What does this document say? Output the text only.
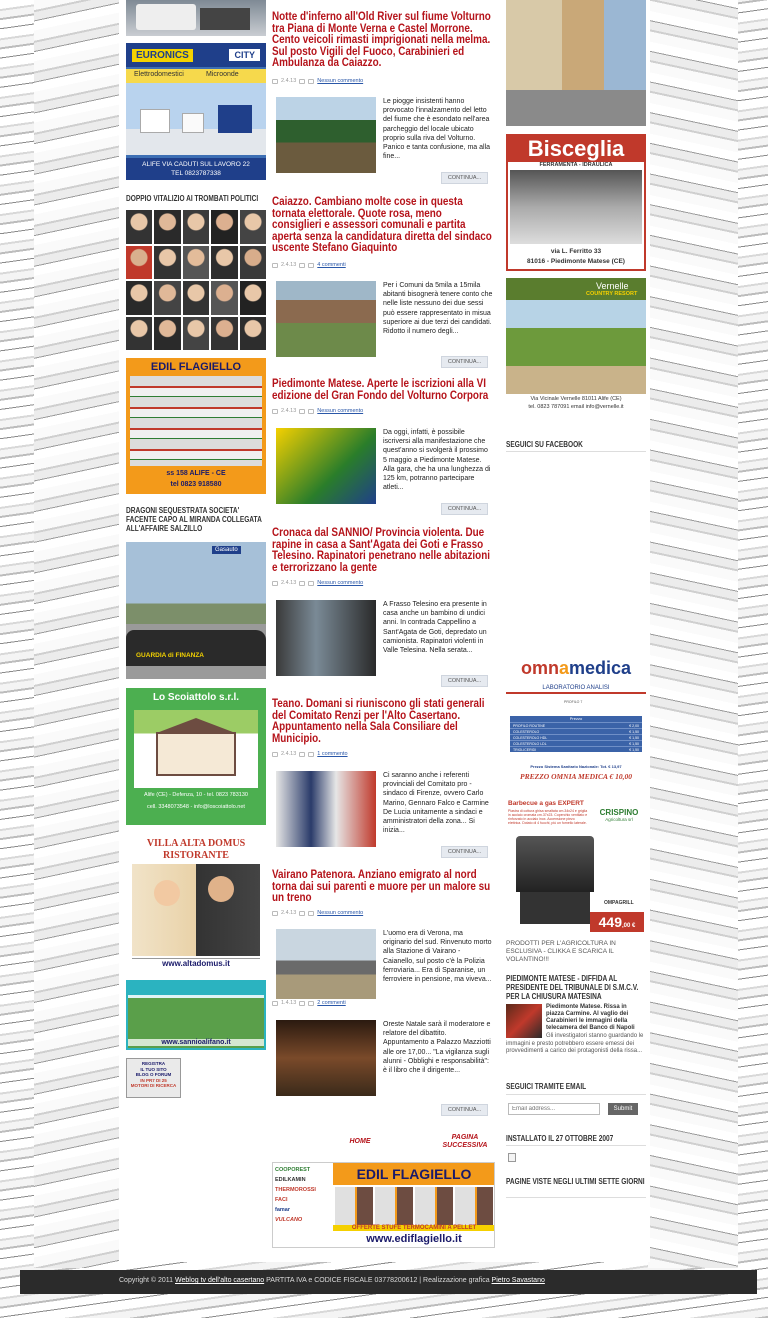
EURONICS	CITY
Elettrodomestici	Microonde
ALIFE VIA CADUTI SUL LAVORO 22
TEL 0823787338
DOPPIO VITALIZIO AI TROMBATI POLITICI
EDIL FLAGIELLO
ss 158 ALIFE - CE
tel 0823 918580
DRAGONI SEQUESTRATA SOCIETA' FACENTE CAPO AL MIRANDA COLLEGATA ALL'AFFAIRE SALZILLO
Gasauto
GUARDIA di FINANZA
Lo Scoiattolo s.r.l.
Alife (CE) - Defenza, 10 - tel. 0823 783130
cell. 3348073548 - info@loscoiattolo.net
VILLA ALTA DOMUS
RISTORANTE
www.altadomus.it
www.sannioalifano.it
REGISTRA
IL TUO SITO
BLOG O FORUM
IN PR7 DI 25
MOTORI DI RICERCA
Notte d'inferno all'Old River sul fiume Volturno tra Piana di Monte Verna e Castel Morrone. Cento veicoli rimasti imprigionati nella melma. Sul posto Vigili del Fuoco, Carabinieri ed Ambulanza da Caiazzo.
2.4.13	Nessun commento
Le piogge insistenti hanno provocato l'innalzamento del letto del fiume che è esondato nell'area parcheggio del locale ubicato proprio sulla riva del Volturno. Panico e tanta confusione, ma alla fine...
CONTINUA...
Caiazzo. Cambiano molte cose in questa tornata elettorale. Quote rosa, meno consiglieri e assessori comunali e partita aperta senza la candidatura diretta del sindaco uscente Stefano Giaquinto
2.4.13	4 commenti
Per i Comuni da 5mila a 15mila abitanti bisognerà tenere conto che nelle liste nessuno dei due sessi può essere rappresentato in misua superiore ai due terzi dei candidati. Ridotto il numero degli...
CONTINUA...
Piedimonte Matese. Aperte le iscrizioni alla VI edizione del Gran Fondo del Volturno Corpora
2.4.13	Nessun commento
Da oggi, infatti, è possibile iscriversi alla manifestazione che quest'anno si svolgerà il prossimo 5 maggio a Piedimonte Matese. Alla gara, che ha una lunghezza di 125 km, potranno partecipare atleti...
CONTINUA...
Cronaca dal SANNIO/ Provincia violenta. Due rapine in casa a Sant'Agata dei Goti e Frasso Telesino. Rapinatori penetrano nelle abitazioni e terrorizzano la gente
2.4.13	Nessun commento
A Frasso Telesino era presente in casa anche un bambino di undici anni. In contrada Cappellino a Sant'Agata de Goti, depredato un camionista. Rapinatori violenti in Valle Telesina. Nella serata...
CONTINUA...
Teano. Domani si riuniscono gli stati generali del Comitato Renzi per l'Alto Casertano. Appuntamento nella Sala Consiliare del Municipio.
2.4.13	1 commento
Ci saranno anche i referenti provinciali del Comitato pro -sindaco di Firenze, ovvero Carlo Marino, Gennaro Falco e Carmine De Lucia unitamente a sindaci e amministratori della zona... Si inizia...
CONTINUA...
Vairano Patenora. Anziano emigrato al nord torna dai sui parenti e muore per un malore su un treno
2.4.13	Nessun commento
L'uomo era di Verona, ma originario del sud. Rinvenuto morto alla Stazione di Vairano - Caianello, sul posto c'è la Polizia ferroviaria... Era di Sparanise, un ferroviere in pensione, ma viveva...
1.4.13	2 commenti
Oreste Natale sarà il moderatore e relatore del dibattito. Appuntamento a Palazzo Mazziotti alle ore 17,00... "La vigilanza sugli alunni - Obblighi e responsabilità": è il libro che il dirigente...
CONTINUA...
HOME
PAGINA SUCCESSIVA
COOPOREST
EDILKAMIN
THERMOROSSI
FACI
famar
VULCANO
EDIL FLAGIELLO
OFFERTE STUFE TERMOCAMINI A PELLET
www.ediflagiello.it
Bisceglia
FERRAMENTA - IDRAULICA
via L. Ferritto 33
81016 - Piedimonte Matese (CE)
Vernelle
COUNTRY RESORT
Via Vicinale Vernelle 81011 Alife (CE)
tel. 0823 787091 email info@vernelle.it
SEGUICI SU FACEBOOK
omnamedica
LABORATORIO ANALISI
PROFILO 7
Prezzo
PROFILO ROUTINE	€ 2,00
COLESTEROLO	€ 1,50
COLESTEROLO HDL	€ 1,50
COLESTEROLO LDL	€ 1,50
TRIGLICERIDI	€ 1,50
Prezzo Sistema Sanitario Nazionale: Tot. € 13,97
PREZZO OMNIA MEDICA € 10,00
Barbecue a gas EXPERT
Piastra di cottura ghisa smaltata cm.34x24 e griglia in acciaio cromata cm.37x23. Coperchio ventilato e rinforzato in acciaio inox. Accensione piezo elettrica. Dotato di 4 fuochi, più un fornello laterale.
CRISPINO
Agricoltura srl
449,00 €
OMPAGRILL
PRODOTTI PER L'AGRICOLTURA IN ESCLUSIVA - CLIKKA E SCARICA IL VOLANTINO!!!
PIEDIMONTE MATESE - DIFFIDA AL PRESIDENTE DEL TRIBUNALE DI S.M.C.V. PER LA CHIUSURA MATESINA
Piedimonte Matese. Rissa in piazza Carmine. Al vaglio dei Carabinieri le immagini della telecamera del Banco di Napoli
Gli investigatori stanno guardando le immagini e presto potrebbero essere emessi dei provvedimenti a carico dei protagonisti della rissa...
SEGUICI TRAMITE EMAIL
Email address...
Submit
INSTALLATO IL 27 OTTOBRE 2007
PAGINE VISTE NEGLI ULTIMI SETTE GIORNI
Copyright © 2011 Weblog tv dell'alto casertano PARTITA IVA e CODICE FISCALE 03778200612 | Realizzazione grafica Pietro Savastano
